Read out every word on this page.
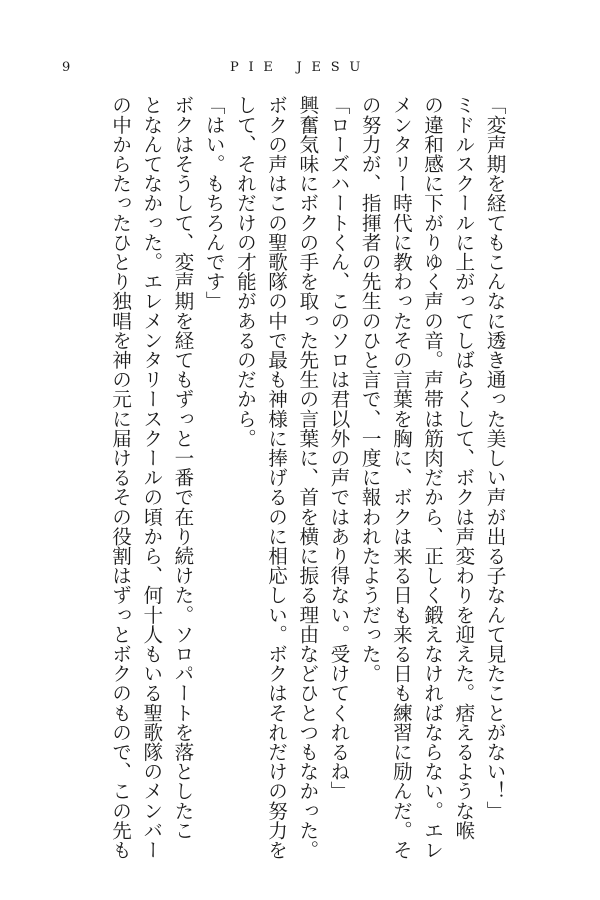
9	PIE JESU

「変声期を経てもこんなに透き通った美しい声が出る子なんて見たことがない！」

ミドルスクールに上がってしばらくして、ボクは声変わりを迎えた。痞えるような喉

の違和感に下がりゆく声の音。声帯は筋肉だから、正しく鍛えなければならない。エレ

メンタリー時代に教わったその言葉を胸に、ボクは来る日も来る日も練習に励んだ。そ

の努力が、指揮者の先生のひと言で、一度に報われたようだった。

「ローズハートくん、このソロは君以外の声ではあり得ない。受けてくれるね」

興奮気味にボクの手を取った先生の言葉に、首を横に振る理由などひとつもなかった。

ボクの声はこの聖歌隊の中で最も神様に捧げるのに相応しい。ボクはそれだけの努力を

して、それだけの才能があるのだから。

「はい。もちろんです」

ボクはそうして、変声期を経てもずっと一番で在り続けた。ソロパートを落としたこ

となんてなかった。エレメンタリースクールの頃から、何十人もいる聖歌隊のメンバー

の中からたったひとり独唱を神の元に届けるその役割はずっとボクのもので、この先も
